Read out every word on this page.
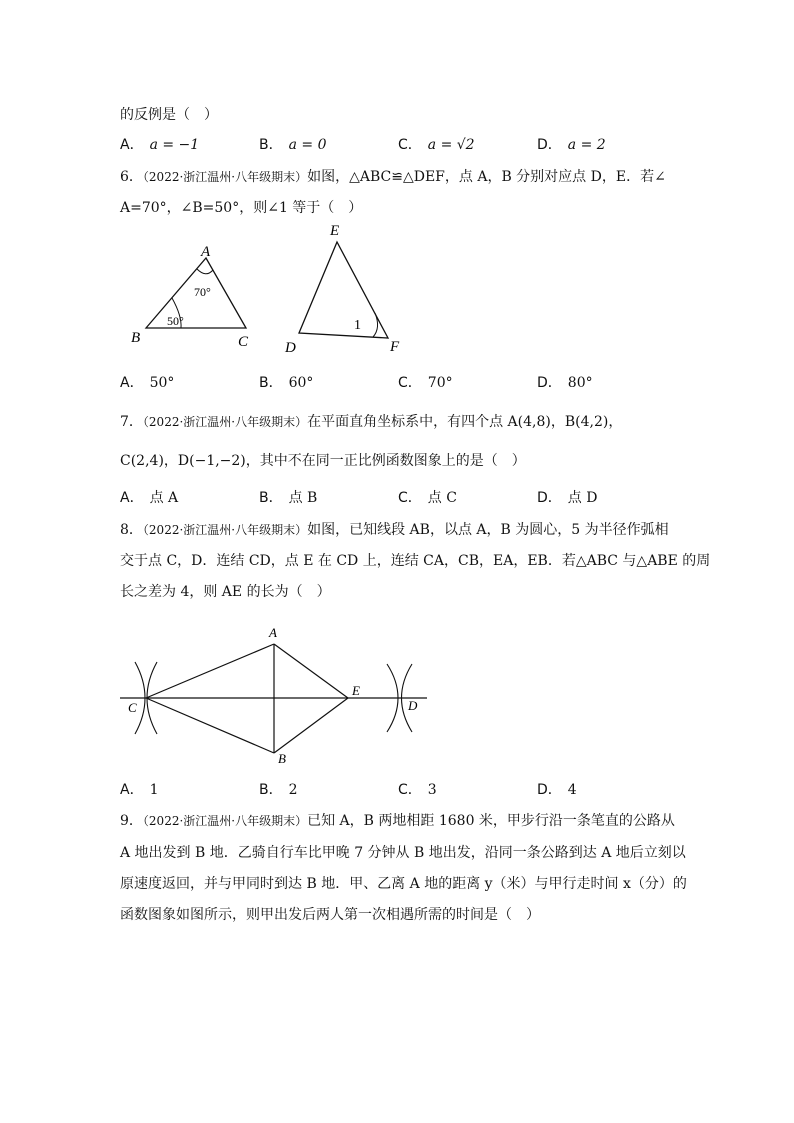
的反例是（　）
A． a = −1	B． a = 0	C． a = √2	D． a = 2
6．（2022·浙江温州·八年级期末）如图，△ABC≌△DEF，点 A，B 分别对应点 D，E．若∠
A=70°，∠B=50°，则∠1 等于（　）
A
B	C
70°
50°
E
D	F
1
A． 50°	B． 60°	C． 70°	D． 80°
7．（2022·浙江温州·八年级期末）在平面直角坐标系中，有四个点 A(4,8)，B(4,2)，
C(2,4)，D(−1,−2)，其中不在同一正比例函数图象上的是（　）
A． 点 A	B． 点 B	C． 点 C	D． 点 D
8．（2022·浙江温州·八年级期末）如图，已知线段 AB，以点 A，B 为圆心，5 为半径作弧相
交于点 C，D．连结 CD，点 E 在 CD 上，连结 CA，CB，EA，EB．若△ABC 与△ABE 的周
长之差为 4，则 AE 的长为（　）
A
B
C	D
E
A． 1	B． 2	C． 3	D． 4
9．（2022·浙江温州·八年级期末）已知 A，B 两地相距 1680 米，甲步行沿一条笔直的公路从
A 地出发到 B 地．乙骑自行车比甲晚 7 分钟从 B 地出发，沿同一条公路到达 A 地后立刻以
原速度返回，并与甲同时到达 B 地．甲、乙离 A 地的距离 y（米）与甲行走时间 x（分）的
函数图象如图所示，则甲出发后两人第一次相遇所需的时间是（　）
